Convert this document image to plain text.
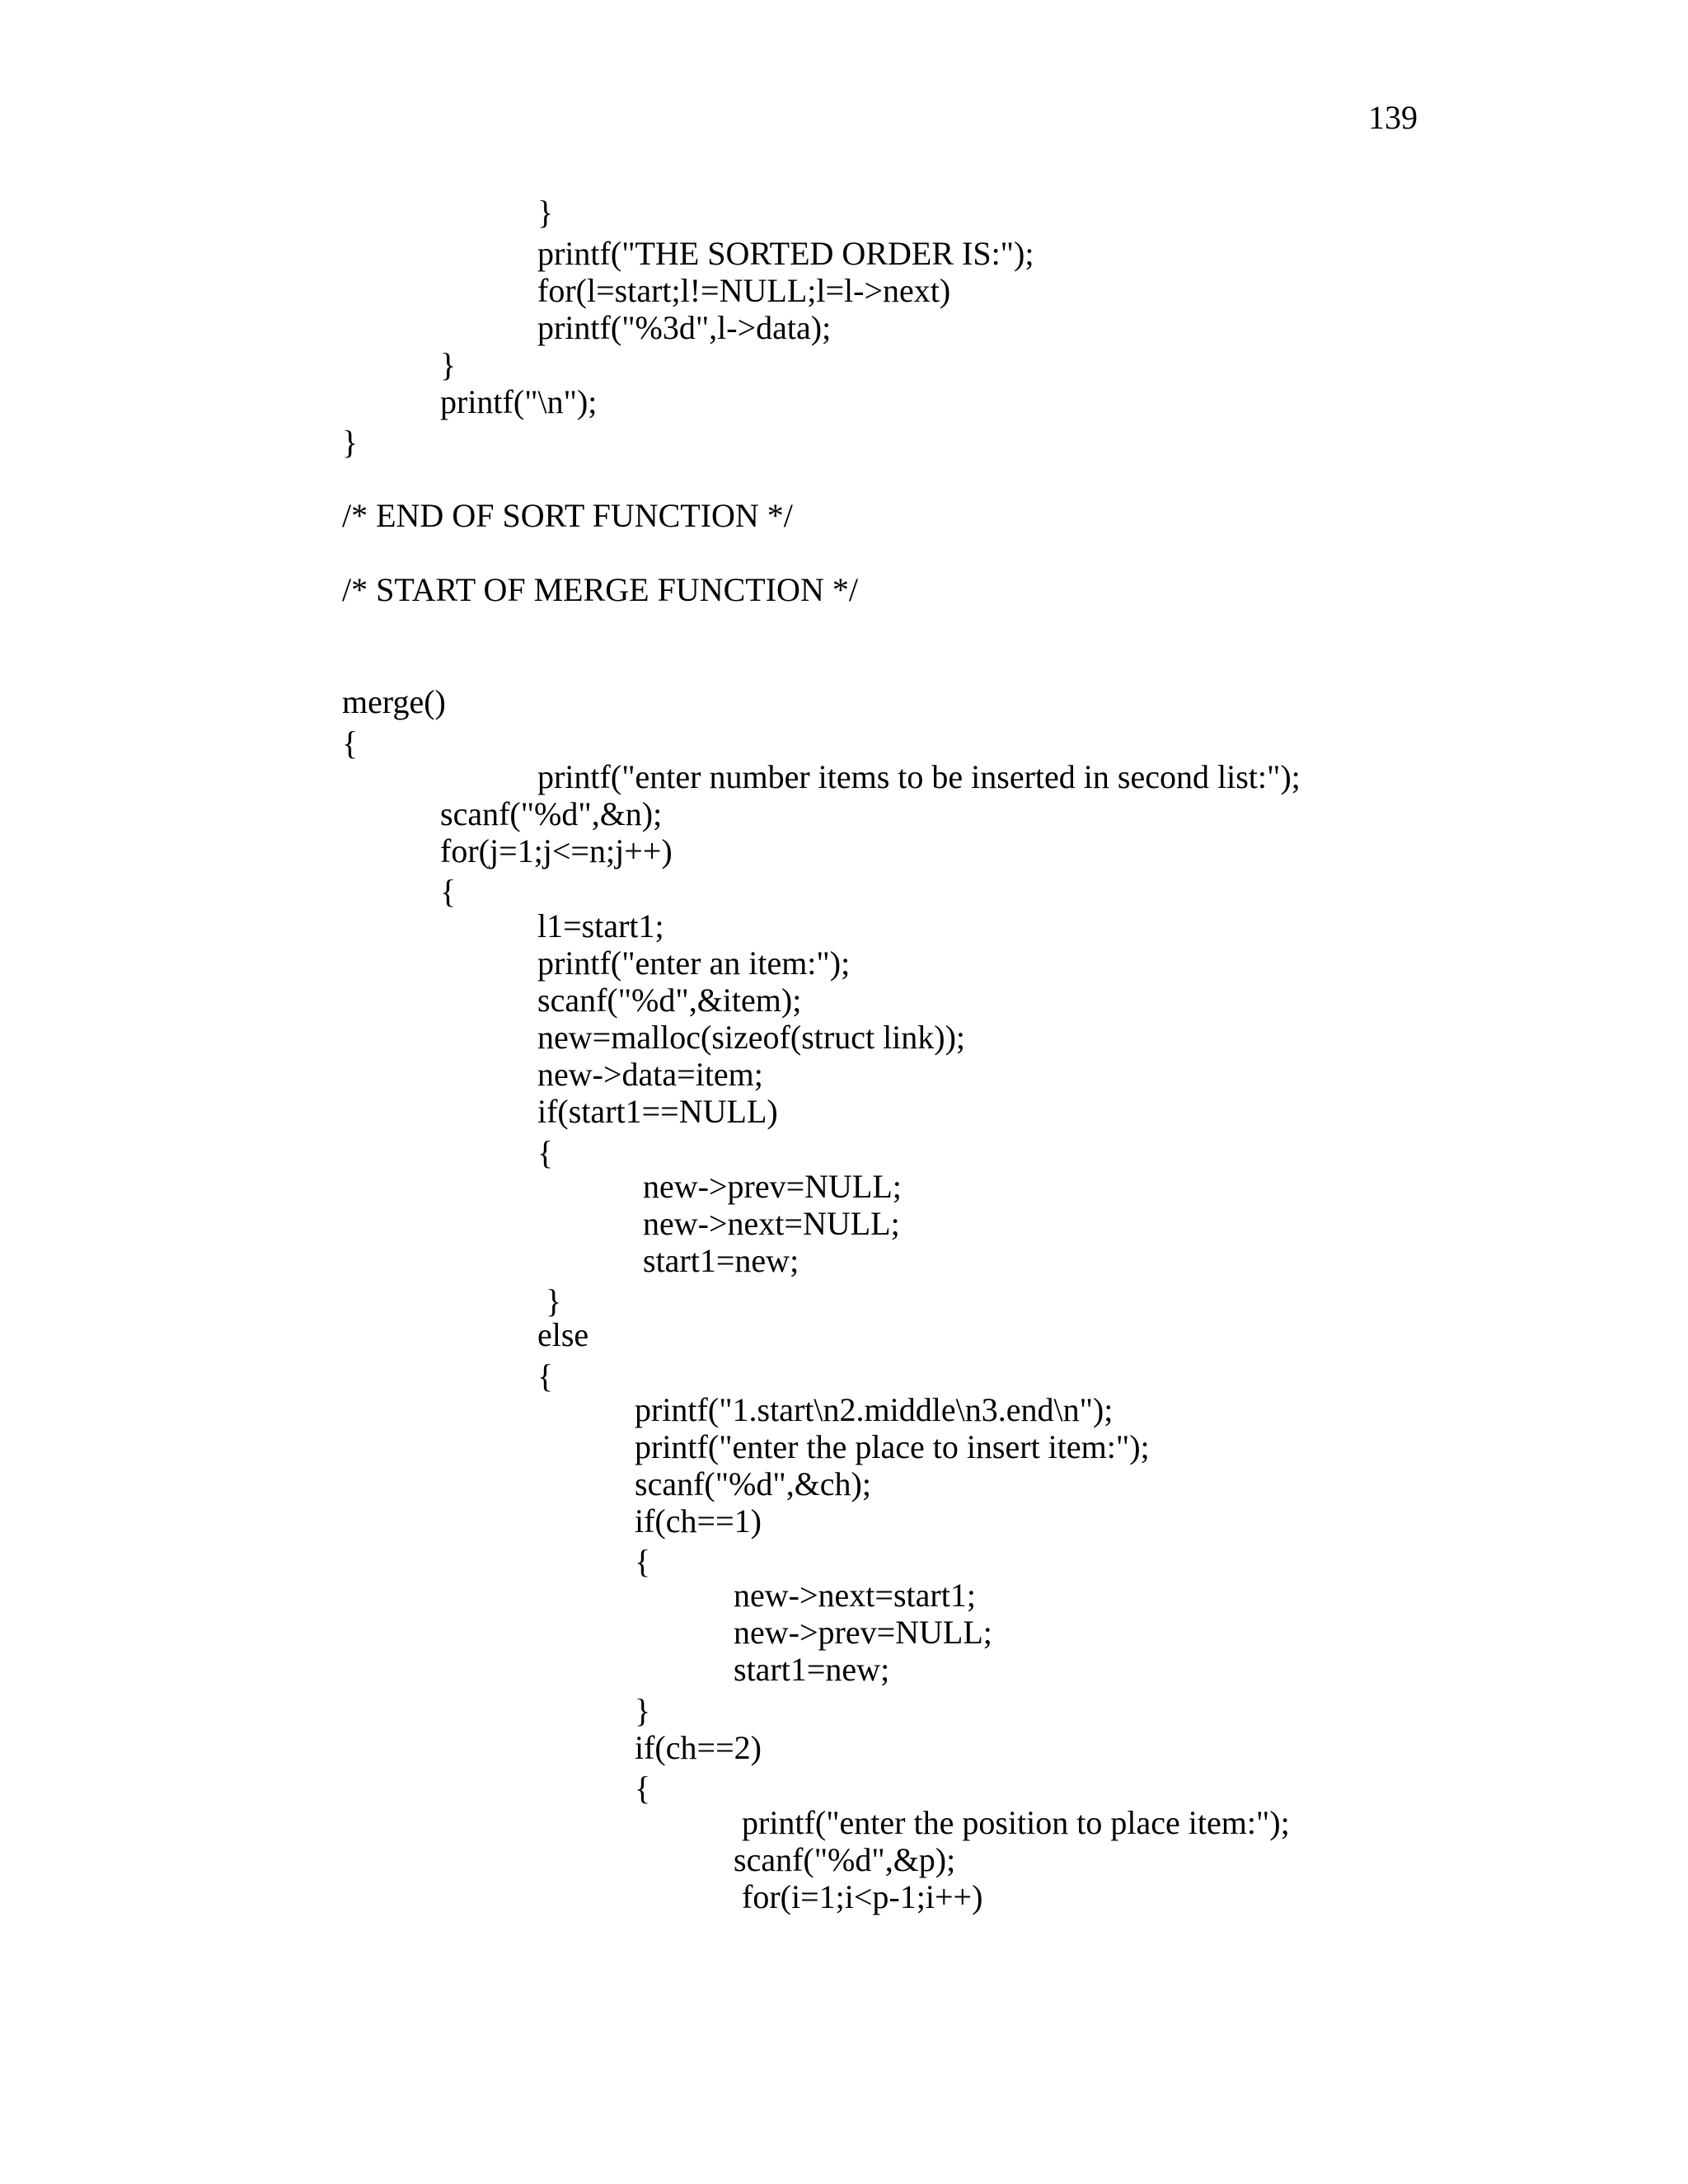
139
}
printf("THE SORTED ORDER IS:");
for(l=start;l!=NULL;l=l->next)
printf("%3d",l->data);
}
printf("\n");
}
/* END OF SORT FUNCTION */
/* START OF MERGE FUNCTION */
merge()
{
printf("enter number items to be inserted in second list:");
scanf("%d",&n);
for(j=1;j<=n;j++)
{
l1=start1;
printf("enter an item:");
scanf("%d",&item);
new=malloc(sizeof(struct link));
new->data=item;
if(start1==NULL)
{
new->prev=NULL;
new->next=NULL;
start1=new;
}
else
{
printf("1.start\n2.middle\n3.end\n");
printf("enter the place to insert item:");
scanf("%d",&ch);
if(ch==1)
{
new->next=start1;
new->prev=NULL;
start1=new;
}
if(ch==2)
{
printf("enter the position to place item:");
scanf("%d",&p);
for(i=1;i<p-1;i++)
